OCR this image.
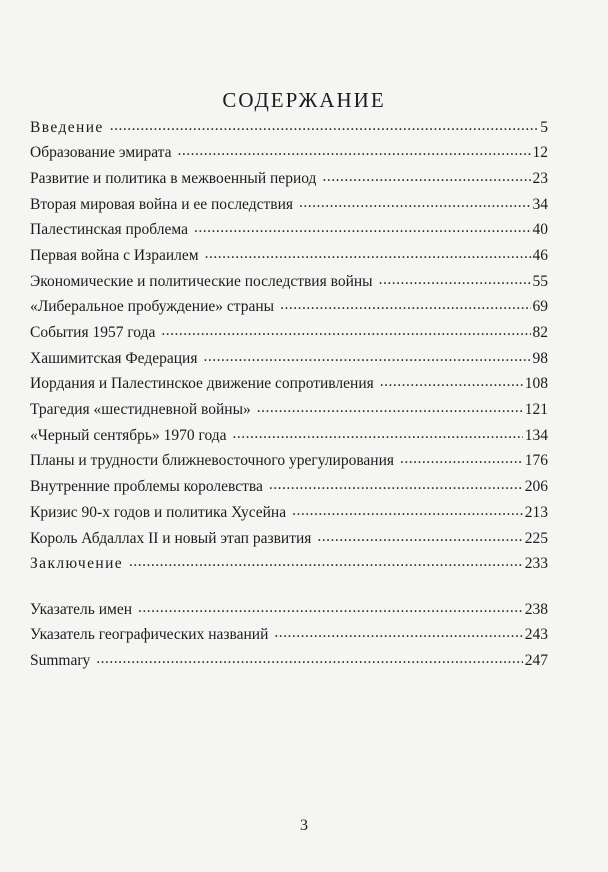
СОДЕРЖАНИЕ
Введение .....	5
Образование эмирата .....	12
Развитие и политика в межвоенный период .....	23
Вторая мировая война и ее последствия .....	34
Палестинская проблема .....	40
Первая война с Израилем .....	46
Экономические и политические последствия войны .....	55
«Либеральное пробуждение» страны .....	69
События 1957 года .....	82
Хашимитская Федерация .....	98
Иордания и Палестинское движение сопротивления .....	108
Трагедия «шестидневной войны» .....	121
«Черный сентябрь» 1970 года .....	134
Планы и трудности ближневосточного урегулирования .....	176
Внутренние проблемы королевства .....	206
Кризис 90-х годов и политика Хусейна .....	213
Король Абдаллах II и новый этап развития .....	225
Заключение .....	233
Указатель имен .....	238
Указатель географических названий .....	243
Summary .....	247
3
